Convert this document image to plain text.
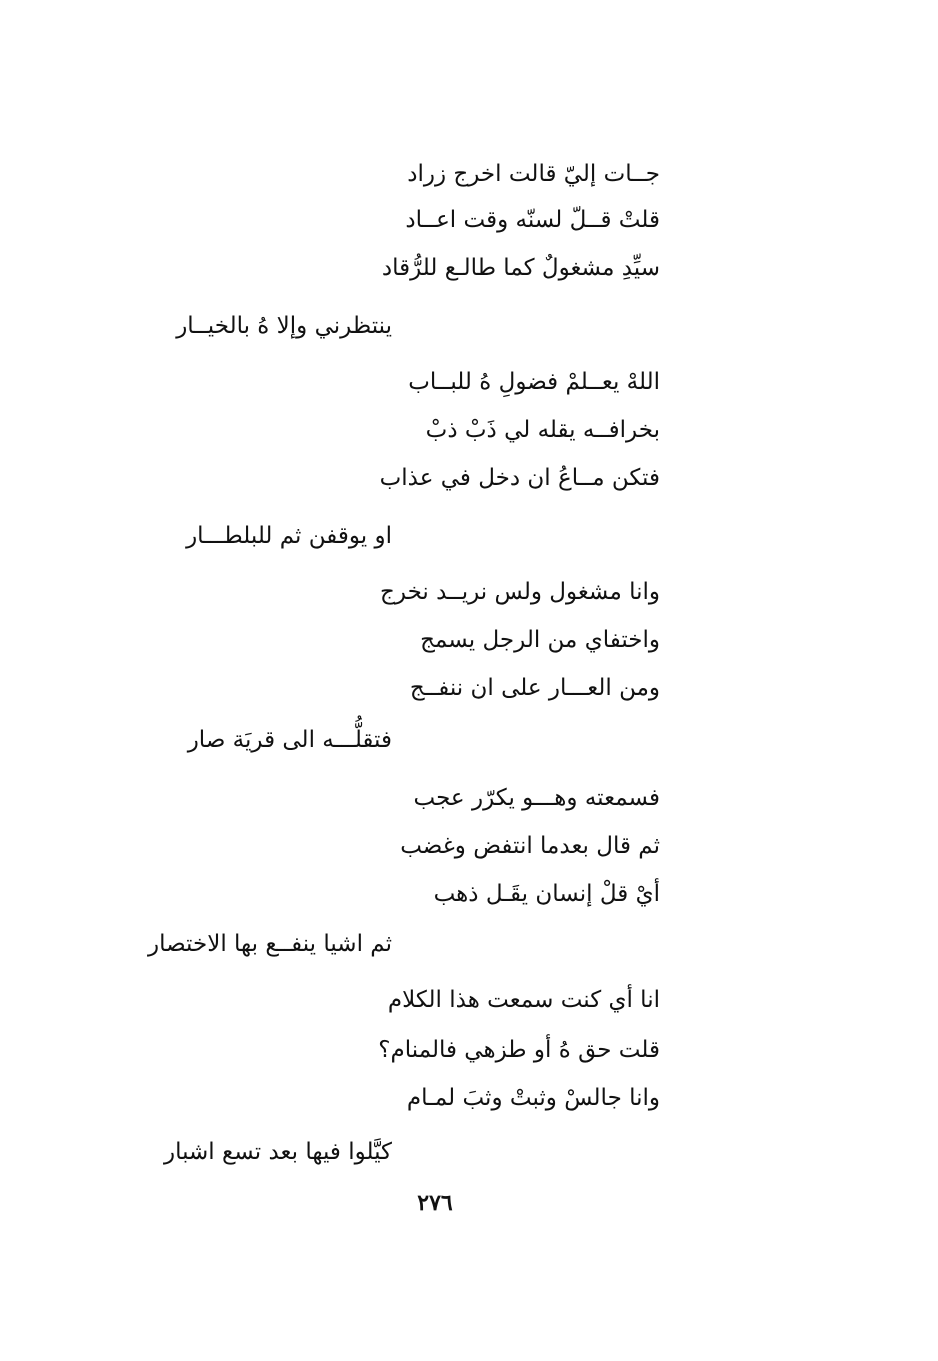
جــات إليّ قالت اخرج زراد
قلتْ قــلّ لسنّه وقت اعــاد
سيِّدِ مشغولٌ كما طالـع للرُّقاد
ينتظرني وإلا هُ بالخيــار
اللهْ يعــلمْ فضولِ هُ للبــاب
بخرافــه يقله لي ذَبْ ذبْ
فتكن مــاعُ ان دخل في عذاب
او يوقفن ثم للبلطـــار
وانا مشغول ولس نريــد نخرج
واختفاي من الرجل يسمج
ومن العـــار على ان ننفــج
فتقلُّـــه الى قريَة صار
فسمعته وهـــو يكرّر عجب
ثم قال بعدما انتفض وغضب
أيْ قلْ إنسان يقَـل ذهب
ثم اشيا ينفــع بها الاختصار
انا أي كنت سمعت هذا الكلام
قلت حق هُ أو طزهي فالمنام؟
وانا جالسْ وثبتْ وثبَ لمـام
كيَّلوا فيها بعد تسع اشبار
٢٧٦
